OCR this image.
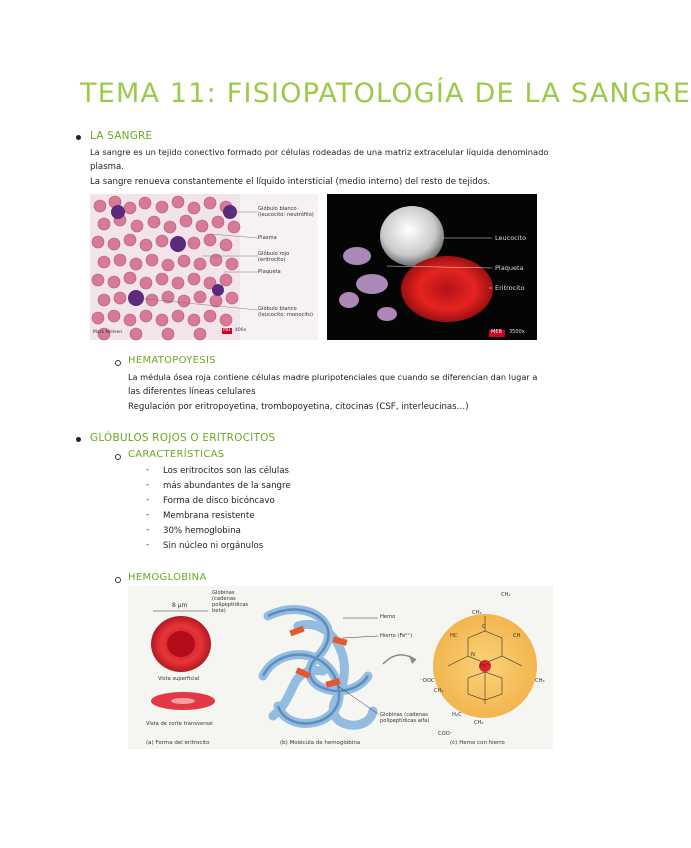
TEMA 11: FISIOPATOLOGÍA DE LA SANGRE
LA SANGRE
La sangre es un tejido conectivo formado por células rodeadas de una matriz extracelular líquida denominado
plasma.
La sangre renueva constantemente el líquido intersticial (medio interno) del resto de tejidos.
Glóbulo blanco
(leucocito: neutrófilo)
Plasma
Glóbulo rojo
(eritrocito)
Plaqueta
Glóbulo blanco
(leucocito: monocito)
Mark Nielsen	MO 400x
Leucocito
Plaqueta
Eritrocito
MEB 3500x
HEMATOPOYESIS
La médula ósea roja contiene células madre pluripotenciales que cuando se diferencian dan lugar a
las diferentes líneas celulares
Regulación por eritropoyetina, trombopoyetina, citocinas (CSF, interleucinas…)
GLÓBULOS ROJOS O ERITROCITOS
CARACTERÍSTICAS
- Los eritrocitos son las células
- más abundantes de la sangre
- Forma de disco bicóncavo
- Membrana resistente
- 30% hemoglobina
- Sin núcleo ni orgánulos
HEMOGLOBINA
8 µm
Vista superficial
Vista de corte transversal
Globinas
(cadenas
polipeptídicas
beta)
Hemo
Hierro (Fe²⁺)
Globinas (cadenas
polipeptídicas alfa)
(a) Forma del eritrocito	(b) Molécula de hemoglobina	(c) Hemo con hierro
CH₂
CH₃
HC
C
CH
N
Fe²⁺
⁻OOC
CH₂
CH₃
H₂C
CH₂
COO⁻
